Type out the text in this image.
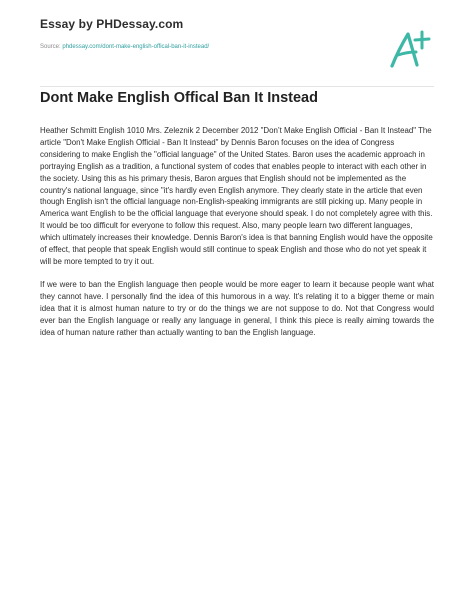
Essay by PHDessay.com
Source: phdessay.com/dont-make-english-offical-ban-it-instead/
Dont Make English Offical Ban It Instead

Heather Schmitt English 1010 Mrs. Zeleznik 2 December 2012 "Don’t Make English Official - Ban It Instead" The article "Don't Make English Official - Ban It Instead" by Dennis Baron focuses on the idea of Congress considering to make English the "official language" of the United States. Baron uses the academic approach in portraying English as a tradition, a functional system of codes that enables people to interact with each other in the society. Using this as his primary thesis, Baron argues that English should not be implemented as the country's national language, since "it's hardly even English anymore. They clearly state in the article that even though English isn't the official language non-English-speaking immigrants are still picking up. Many people in America want English to be the official language that everyone should speak. I do not completely agree with this. It would be too difficult for everyone to follow this request. Also, many people learn two different languages, which ultimately increases their knowledge. Dennis Baron's idea is that banning English would have the opposite of effect, that people that speak English would still continue to speak English and those who do not yet speak it will be more tempted to try it out.

If we were to ban the English language then people would be more eager to learn it because people want what they cannot have. I personally find the idea of this humorous in a way. It's relating it to a bigger theme or main idea that it is almost human nature to try or do the things we are not suppose to do. Not that Congress would ever ban the English language or really any language in general, I think this piece is really aiming towards the idea of human nature rather than actually wanting to ban the English language.
